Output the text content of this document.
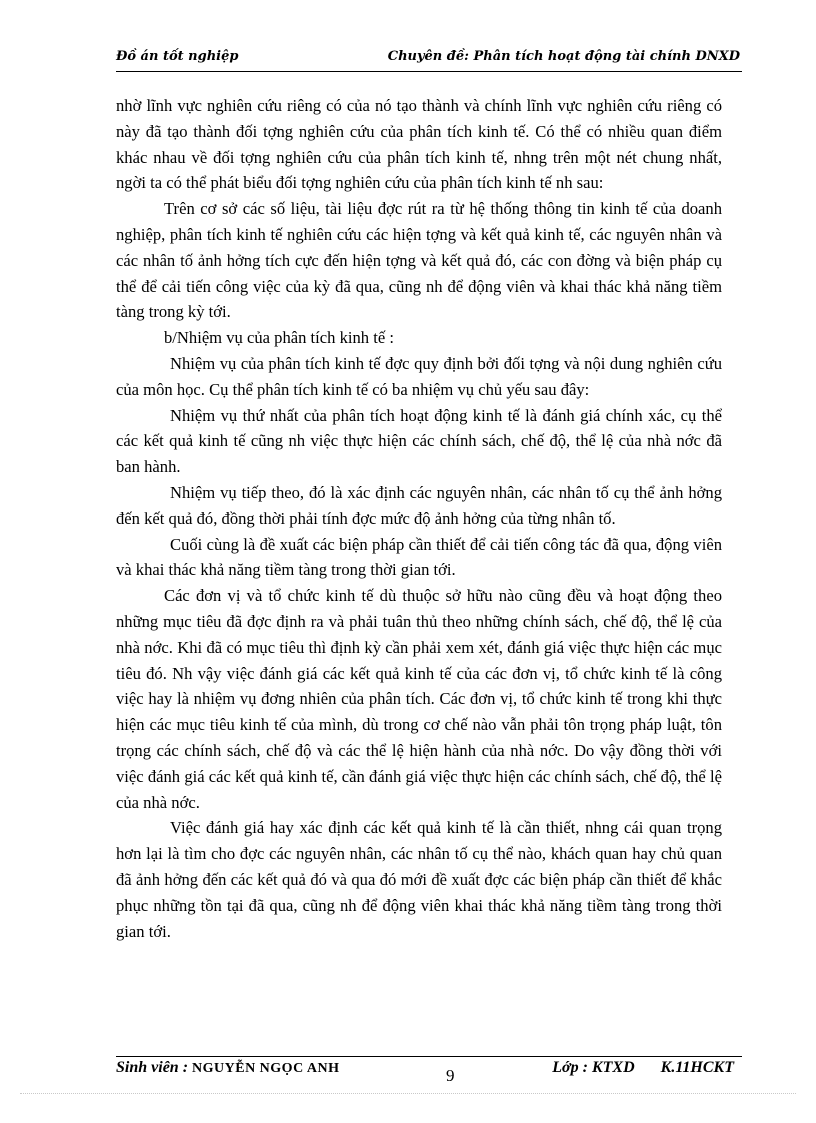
Đồ án tốt nghiệp	Chuyên đề: Phân tích hoạt động tài chính DNXD

nhờ lĩnh vực nghiên cứu riêng có của nó tạo thành và chính lĩnh vực nghiên cứu riêng có này đã tạo thành đối tợng nghiên cứu của phân tích kinh tế. Có thể có nhiều quan điểm khác nhau về đối tợng nghiên cứu của phân tích kinh tế, nhng trên một nét chung nhất, ngời ta có thể phát biểu đối tợng nghiên cứu của phân tích kinh tế nh sau:

Trên cơ sở các số liệu, tài liệu đợc rút ra từ hệ thống thông tin kinh tế của doanh nghiệp, phân tích kinh tế nghiên cứu các hiện tợng và kết quả kinh tế, các nguyên nhân và các nhân tố ảnh hởng tích cực đến hiện tợng và kết quả đó, các con đờng và biện pháp cụ thể để cải tiến công việc của kỳ đã qua, cũng nh để động viên và khai thác khả năng tiềm tàng trong kỳ tới.

b/Nhiệm vụ của phân tích kinh tế :

Nhiệm vụ của phân tích kinh tế đợc quy định bởi đối tợng và nội dung nghiên cứu của môn học. Cụ thể phân tích kinh tế có ba nhiệm vụ chủ yếu sau đây:

Nhiệm vụ thứ nhất của phân tích hoạt động kinh tế là đánh giá chính xác, cụ thể các kết quả kinh tế cũng nh việc thực hiện các chính sách, chế độ, thể lệ của nhà nớc đã ban hành.

Nhiệm vụ tiếp theo, đó là xác định các nguyên nhân, các nhân tố cụ thể ảnh hởng đến kết quả đó, đồng thời phải tính đợc mức độ ảnh hởng của từng nhân tố.

Cuối cùng là đề xuất các biện pháp cần thiết để cải tiến công tác đã qua, động viên và khai thác khả năng tiềm tàng trong thời gian tới.

Các đơn vị và tổ chức kinh tế dù thuộc sở hữu nào cũng đều và hoạt động theo những mục tiêu đã đợc định ra và phải tuân thủ theo những chính sách, chế độ, thể lệ của nhà nớc. Khi đã có mục tiêu thì định kỳ cần phải xem xét, đánh giá việc thực hiện các mục tiêu đó. Nh vậy việc đánh giá các kết quả kinh tế của các đơn vị, tổ chức kinh tế là công việc hay là nhiệm vụ đơng nhiên của phân tích. Các đơn vị, tổ chức kinh tế trong khi thực hiện các mục tiêu kinh tế của mình, dù trong cơ chế nào vẫn phải tôn trọng pháp luật, tôn trọng các chính sách, chế độ và các thể lệ hiện hành của nhà nớc. Do vậy đồng thời với việc đánh giá các kết quả kinh tế, cần đánh giá việc thực hiện các chính sách, chế độ, thể lệ của nhà nớc.

Việc đánh giá hay xác định các kết quả kinh tế là cần thiết, nhng cái quan trọng hơn lại là tìm cho đợc các nguyên nhân, các nhân tố cụ thể nào, khách quan hay chủ quan đã ảnh hởng đến các kết quả đó và qua đó mới đề xuất đợc các biện pháp cần thiết để khắc phục những tồn tại đã qua, cũng nh để động viên khai thác khả năng tiềm tàng trong thời gian tới.

Sinh viên : NGUYỄN NGỌC ANH	9	Lớp : KTXD K.11HCKT
